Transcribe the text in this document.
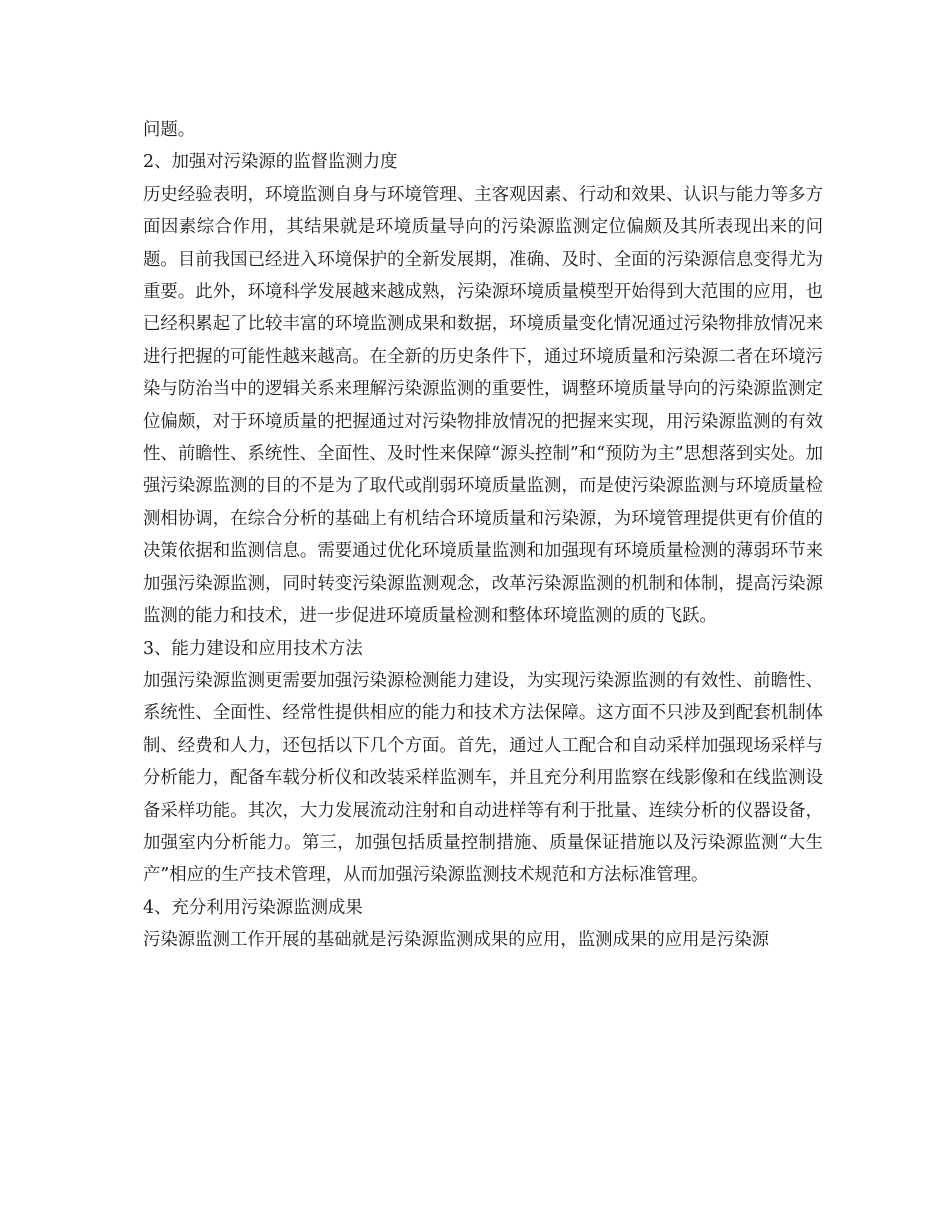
问题。

2、加强对污染源的监督监测力度

历史经验表明，环境监测自身与环境管理、主客观因素、行动和效果、认识与能力等多方面因素综合作用，其结果就是环境质量导向的污染源监测定位偏颇及其所表现出来的问题。目前我国已经进入环境保护的全新发展期，准确、及时、全面的污染源信息变得尤为重要。此外，环境科学发展越来越成熟，污染源环境质量模型开始得到大范围的应用，也已经积累起了比较丰富的环境监测成果和数据，环境质量变化情况通过污染物排放情况来进行把握的可能性越来越高。在全新的历史条件下，通过环境质量和污染源二者在环境污染与防治当中的逻辑关系来理解污染源监测的重要性，调整环境质量导向的污染源监测定位偏颇，对于环境质量的把握通过对污染物排放情况的把握来实现，用污染源监测的有效性、前瞻性、系统性、全面性、及时性来保障“源头控制”和“预防为主”思想落到实处。加强污染源监测的目的不是为了取代或削弱环境质量监测，而是使污染源监测与环境质量检测相协调，在综合分析的基础上有机结合环境质量和污染源，为环境管理提供更有价值的决策依据和监测信息。需要通过优化环境质量监测和加强现有环境质量检测的薄弱环节来加强污染源监测，同时转变污染源监测观念，改革污染源监测的机制和体制，提高污染源监测的能力和技术，进一步促进环境质量检测和整体环境监测的质的飞跃。

3、能力建设和应用技术方法

加强污染源监测更需要加强污染源检测能力建设，为实现污染源监测的有效性、前瞻性、系统性、全面性、经常性提供相应的能力和技术方法保障。这方面不只涉及到配套机制体制、经费和人力，还包括以下几个方面。首先，通过人工配合和自动采样加强现场采样与分析能力，配备车载分析仪和改装采样监测车，并且充分利用监察在线影像和在线监测设备采样功能。其次，大力发展流动注射和自动进样等有利于批量、连续分析的仪器设备，加强室内分析能力。第三，加强包括质量控制措施、质量保证措施以及污染源监测“大生产”相应的生产技术管理，从而加强污染源监测技术规范和方法标准管理。

4、充分利用污染源监测成果

污染源监测工作开展的基础就是污染源监测成果的应用，监测成果的应用是污染源
